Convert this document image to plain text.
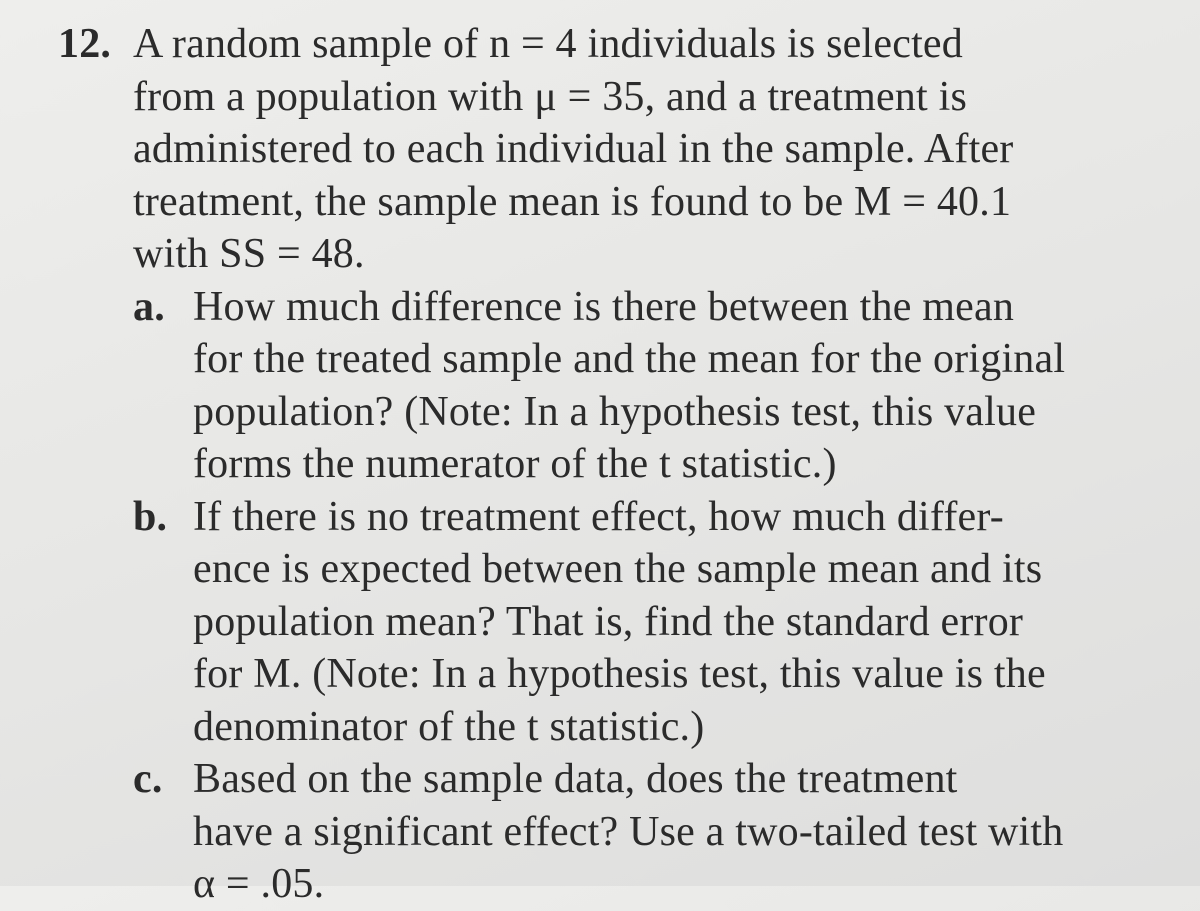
12. A random sample of n = 4 individuals is selected
from a population with μ = 35, and a treatment is
administered to each individual in the sample. After
treatment, the sample mean is found to be M = 40.1
with SS = 48.
a. How much difference is there between the mean
for the treated sample and the mean for the original
population? (Note: In a hypothesis test, this value
forms the numerator of the t statistic.)
b. If there is no treatment effect, how much differ-
ence is expected between the sample mean and its
population mean? That is, find the standard error
for M. (Note: In a hypothesis test, this value is the
denominator of the t statistic.)
c. Based on the sample data, does the treatment
have a significant effect? Use a two-tailed test with
α = .05.
